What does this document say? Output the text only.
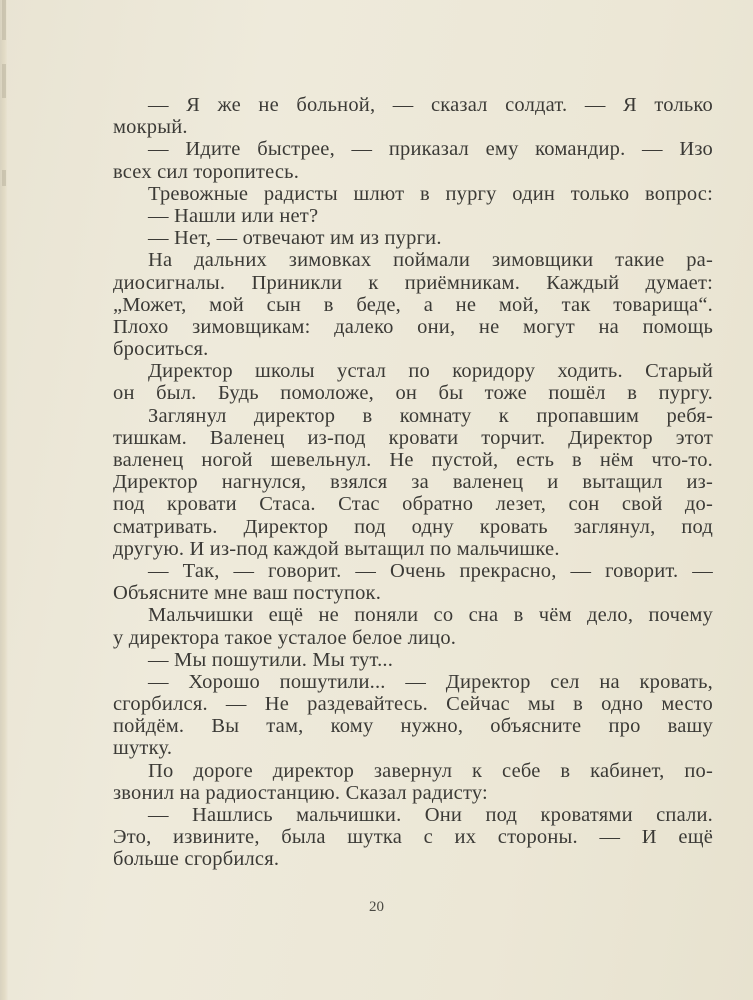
— Я же не больной, — сказал солдат. — Я только
мокрый.
— Идите быстрее, — приказал ему командир. — Изо
всех сил торопитесь.
Тревожные радисты шлют в пургу один только вопрос:
— Нашли или нет?
— Нет, — отвечают им из пурги.
На дальних зимовках поймали зимовщики такие ра-
диосигналы. Приникли к приёмникам. Каждый думает:
„Может, мой сын в беде, а не мой, так товарища“.
Плохо зимовщикам: далеко они, не могут на помощь
броситься.
Директор школы устал по коридору ходить. Старый
он был. Будь помоложе, он бы тоже пошёл в пургу.
Заглянул директор в комнату к пропавшим ребя-
тишкам. Валенец из-под кровати торчит. Директор этот
валенец ногой шевельнул. Не пустой, есть в нём что-то.
Директор нагнулся, взялся за валенец и вытащил из-
под кровати Стаса. Стас обратно лезет, сон свой до-
сматривать. Директор под одну кровать заглянул, под
другую. И из-под каждой вытащил по мальчишке.
— Так, — говорит. — Очень прекрасно, — говорит. —
Объясните мне ваш поступок.
Мальчишки ещё не поняли со сна в чём дело, почему
у директора такое усталое белое лицо.
— Мы пошутили. Мы тут...
— Хорошо пошутили... — Директор сел на кровать,
сгорбился. — Не раздевайтесь. Сейчас мы в одно место
пойдём. Вы там, кому нужно, объясните про вашу
шутку.
По дороге директор завернул к себе в кабинет, по-
звонил на радиостанцию. Сказал радисту:
— Нашлись мальчишки. Они под кроватями спали.
Это, извините, была шутка с их стороны. — И ещё
больше сгорбился.
20
